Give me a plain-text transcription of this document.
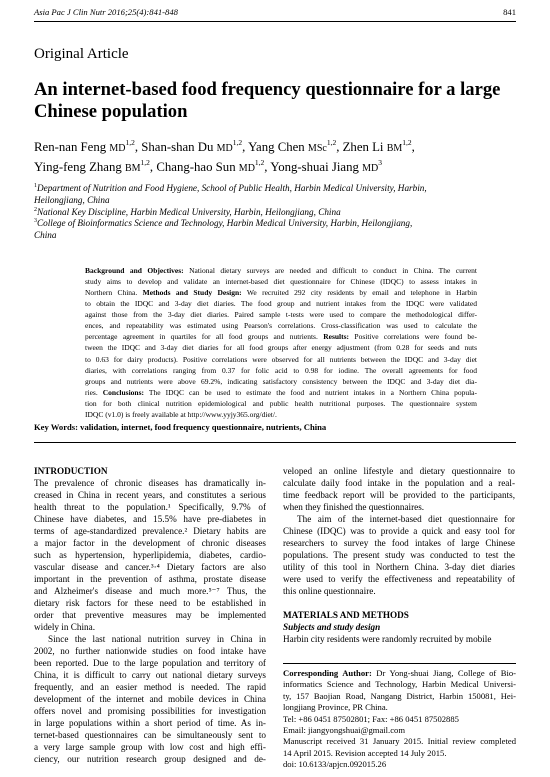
Asia Pac J Clin Nutr 2016;25(4):841-848	841
Original Article
An internet-based food frequency questionnaire for a large Chinese population
Ren-nan Feng MD$^{1,2}$, Shan-shan Du MD$^{1,2}$, Yang Chen MSc$^{1,2}$, Zhen Li BM$^{1,2}$,
Ying-feng Zhang BM$^{1,2}$, Chang-hao Sun MD$^{1,2}$, Yong-shuai Jiang $MD^3$
$^1$Department of Nutrition and Food Hygiene, School of Public Health, Harbin Medical University, Harbin,
Heilongjiang, China
$^2$National Key Discipline, Harbin Medical University, Harbin, Heilongjiang, China
$^3$College of Bioinformatics Science and Technology, Harbin Medical University, Harbin, Heilongjiang,
China
Background and Objectives: National dietary surveys are needed and difficult to conduct in China. The current
study aims to develop and validate an internet-based diet questionnaire for Chinese (IDQC) to assess intakes in
Northern China. Methods and Study Design: We recruited 292 city residents by email and telephone in Harbin
to obtain the IDQC and 3-day diet diaries. The food group and nutrient intakes from the IDQC were validated
against those from the 3-day diet diaries. Paired sample t-tests were used to compare the methodological differ-
ences, and repeatability was estimated using Pearson's correlations. Cross-classification was used to calculate the
percentage agreement in quartiles for all food groups and nutrients. Results: Positive correlations were found be-
tween the IDQC and 3-day diet diaries for all food groups after energy adjustment (from 0.28 for seeds and nuts
to 0.63 for dairy products). Positive correlations were observed for all nutrients between the IDQC and 3-day diet
diaries, with correlations ranging from 0.37 for folic acid to 0.98 for iodine. The overall agreements for food
groups and nutrients were above 69.2%, indicating satisfactory consistency between the IDQC and 3-day diet dia-
ries. Conclusions: The IDQC can be used to estimate the food and nutrient intakes in a Northern China popula-
tion for both clinical nutrition epidemiological and public health nutritional purposes. The questionnaire system
IDQC (v1.0) is freely available at http://www.yyjy365.org/diet/.
Key Words: validation, internet, food frequency questionnaire, nutrients, China
INTRODUCTION
The prevalence of chronic diseases has dramatically in-
creased in China in recent years, and constitutes a serious
health threat to the population.¹ Specifically, 9.7% of
Chinese have diabetes, and 15.5% have pre-diabetes in
terms of age-standardized prevalence.² Dietary habits are
a major factor in the development of chronic diseases
such as hypertension, hyperlipidemia, diabetes, cardio-
vascular disease and cancer.³·⁴ Dietary factors are also
important in the prevention of asthma, prostate disease
and Alzheimer's disease and much more.⁵⁻⁷ Thus, the
dietary risk factors for these need to be established in
order that preventive measures may be implemented
widely in China.
Since the last national nutrition survey in China in
2002, no further nationwide studies on food intake have
been reported. Due to the large population and territory of
China, it is difficult to carry out national dietary surveys
frequently, and an easier method is needed. The rapid
development of the internet and mobile devices in China
offers novel and promising possibilities for investigation
in large populations within a short period of time. As in-
ternet-based questionnaires can be simultaneously sent to
a very large sample group with low cost and high effi-
ciency, our nutrition research group designed and de-
veloped an online lifestyle and dietary questionnaire to
calculate daily food intake in the population and a real-
time feedback report will be provided to the participants,
when they finished the questionnaires.
The aim of the internet-based diet questionnaire for
Chinese (IDQC) was to provide a quick and easy tool for
researchers to survey the food intakes of large Chinese
populations. The present study was conducted to test the
utility of this tool in Northern China. 3-day diet diaries
were used to verify the effectiveness and repeatability of
this online questionnaire.

MATERIALS AND METHODS
Subjects and study design
Harbin city residents were randomly recruited by mobile
Corresponding Author: Dr Yong-shuai Jiang, College of Bio-
informatics Science and Technology, Harbin Medical Universi-
ty, 157 Baojian Road, Nangang District, Harbin 150081, Hei-
longjiang Province, PR China.
Tel: +86 0451 87502801; Fax: +86 0451 87502885
Email: jiangyongshuai@gmail.com
Manuscript received 31 January 2015. Initial review completed
14 April 2015. Revision accepted 14 July 2015.
doi: 10.6133/apjcn.092015.26
